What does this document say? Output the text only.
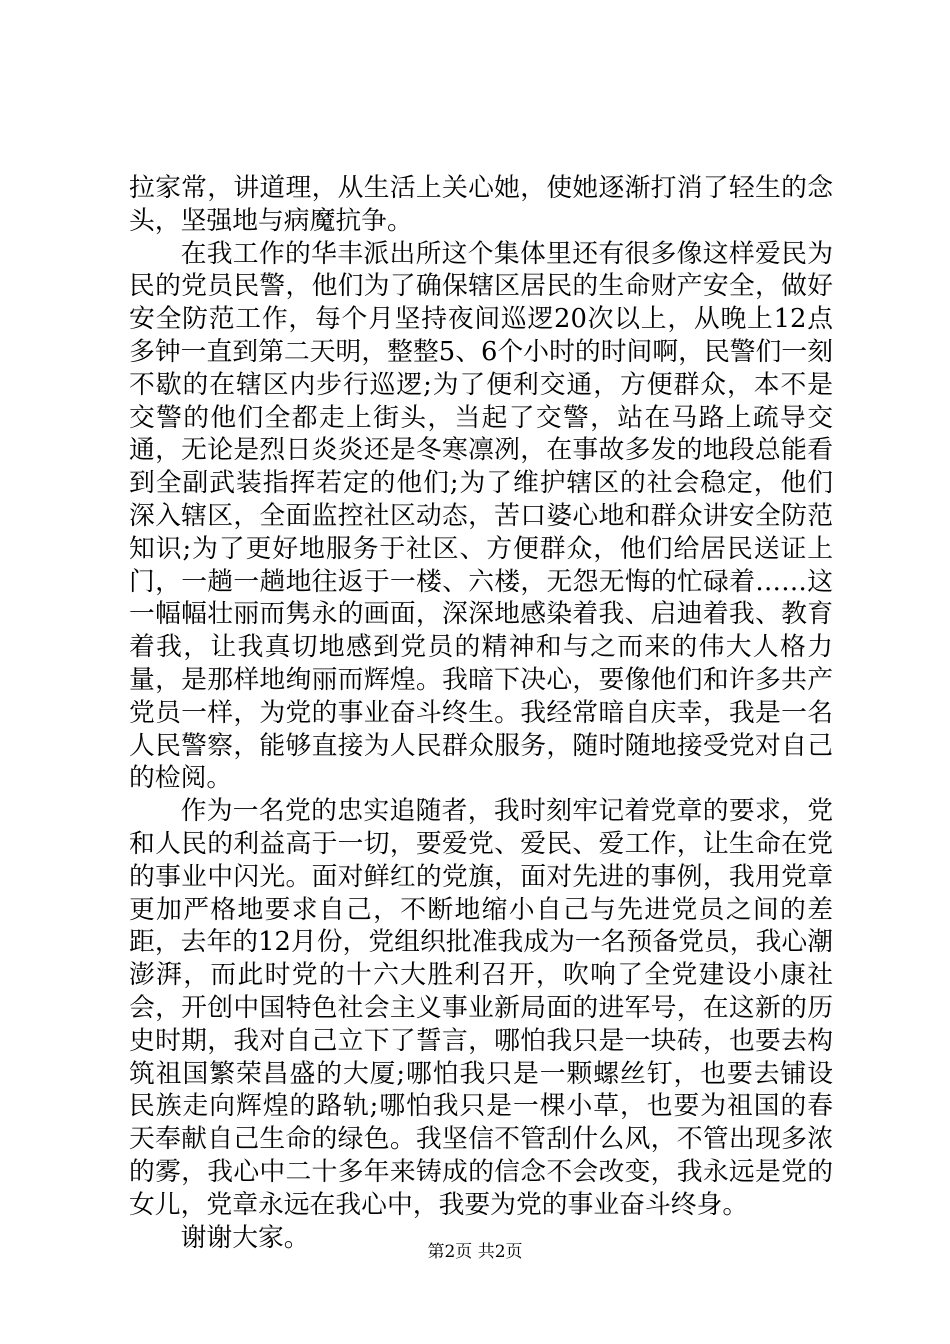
拉家常，讲道理，从生活上关心她，使她逐渐打消了轻生的念头，坚强地与病魔抗争。

在我工作的华丰派出所这个集体里还有很多像这样爱民为民的党员民警，他们为了确保辖区居民的生命财产安全，做好安全防范工作，每个月坚持夜间巡逻20次以上，从晚上12点多钟一直到第二天明，整整5、6个小时的时间啊，民警们一刻不歇的在辖区内步行巡逻;为了便利交通，方便群众，本不是交警的他们全都走上街头，当起了交警，站在马路上疏导交通，无论是烈日炎炎还是冬寒凛冽，在事故多发的地段总能看到全副武装指挥若定的他们;为了维护辖区的社会稳定，他们深入辖区，全面监控社区动态，苦口婆心地和群众讲安全防范知识;为了更好地服务于社区、方便群众，他们给居民送证上门，一趟一趟地往返于一楼、六楼，无怨无悔的忙碌着……这一幅幅壮丽而隽永的画面，深深地感染着我、启迪着我、教育着我，让我真切地感到党员的精神和与之而来的伟大人格力量，是那样地绚丽而辉煌。我暗下决心，要像他们和许多共产党员一样，为党的事业奋斗终生。我经常暗自庆幸，我是一名人民警察，能够直接为人民群众服务，随时随地接受党对自己的检阅。

作为一名党的忠实追随者，我时刻牢记着党章的要求，党和人民的利益高于一切，要爱党、爱民、爱工作，让生命在党的事业中闪光。面对鲜红的党旗，面对先进的事例，我用党章更加严格地要求自己，不断地缩小自己与先进党员之间的差距，去年的12月份，党组织批准我成为一名预备党员，我心潮澎湃，而此时党的十六大胜利召开，吹响了全党建设小康社会，开创中国特色社会主义事业新局面的进军号，在这新的历史时期，我对自己立下了誓言，哪怕我只是一块砖，也要去构筑祖国繁荣昌盛的大厦;哪怕我只是一颗螺丝钉，也要去铺设民族走向辉煌的路轨;哪怕我只是一棵小草，也要为祖国的春天奉献自己生命的绿色。我坚信不管刮什么风，不管出现多浓的雾，我心中二十多年来铸成的信念不会改变，我永远是党的女儿，党章永远在我心中，我要为党的事业奋斗终身。

谢谢大家。	第2页 共2页
